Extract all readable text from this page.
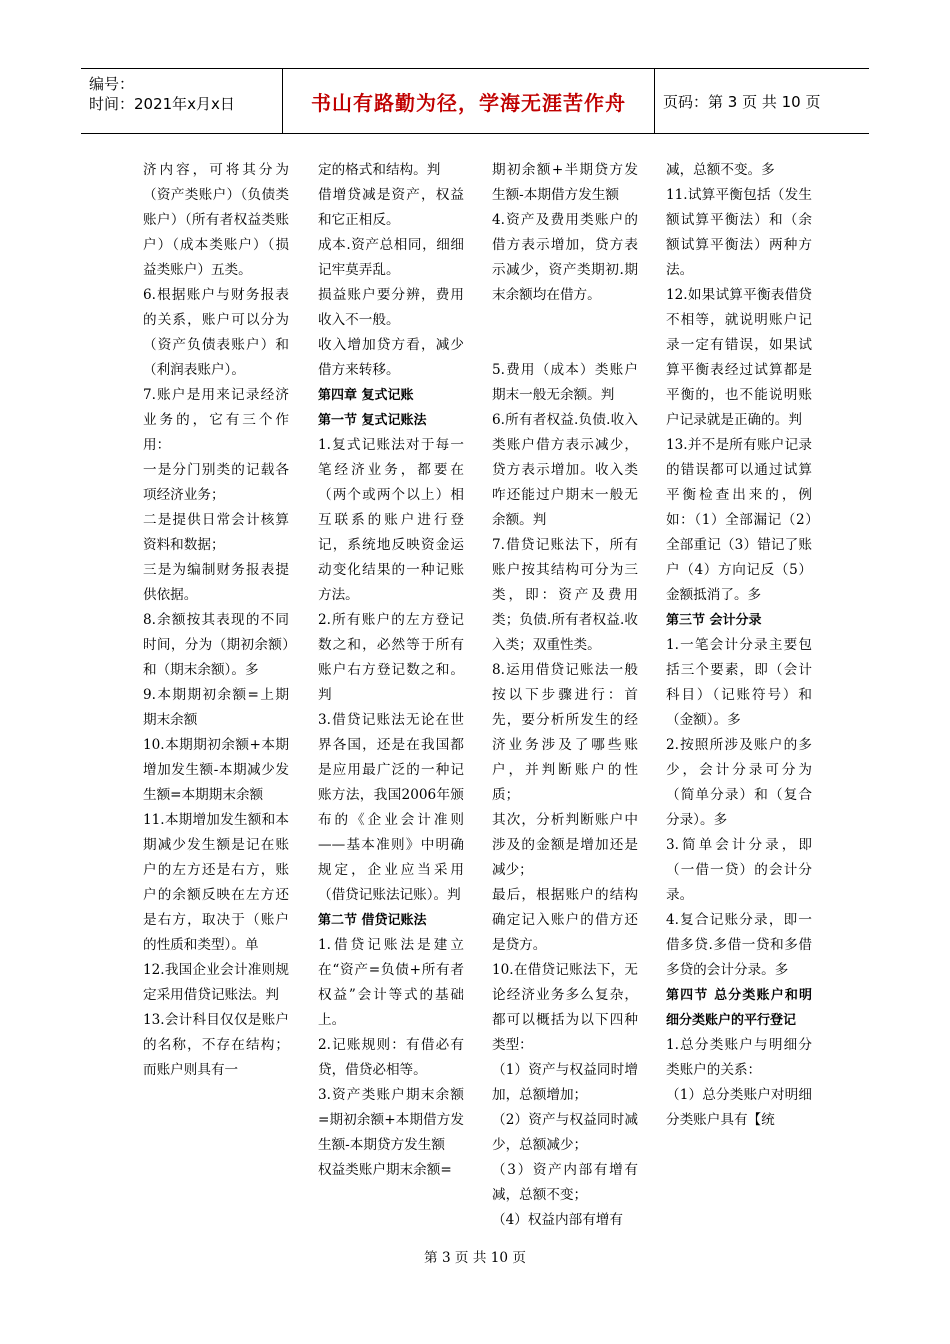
编号：
时间：2021年x月x日	书山有路勤为径，学海无涯苦作舟 页码：第 3 页 共 10 页

济内容，可将其分为（资产类账户）（负债类账户）（所有者权益类账户）（成本类账户）（损益类账户）五类。

6.根据账户与财务报表的关系，账户可以分为（资产负债表账户）和（利润表账户）。

7.账户是用来记录经济业务的，它有三个作用：

一是分门别类的记载各项经济业务；

二是提供日常会计核算资料和数据；

三是为编制财务报表提供依据。

8.余额按其表现的不同时间，分为（期初余额）和（期末余额）。多

9.本期期初余额=上期期末余额

10.本期期初余额+本期增加发生额-本期减少发生额=本期期末余额

11.本期增加发生额和本期减少发生额是记在账户的左方还是右方，账户的余额反映在左方还是右方，取决于（账户的性质和类型）。单

12.我国企业会计准则规定采用借贷记账法。判

13.会计科目仅仅是账户的名称，不存在结构；而账户则具有一

定的格式和结构。判

借增贷减是资产，权益和它正相反。

成本.资产总相同，细细记牢莫弄乱。

损益账户要分辨，费用收入不一般。

收入增加贷方看，减少借方来转移。

第四章 复式记账

第一节 复式记账法

1.复式记账法对于每一笔经济业务，都要在（两个或两个以上）相互联系的账户进行登记，系统地反映资金运动变化结果的一种记账方法。

2.所有账户的左方登记数之和，必然等于所有账户右方登记数之和。判

3.借贷记账法无论在世界各国，还是在我国都是应用最广泛的一种记账方法，我国2006年颁布的《企业会计准则——基本准则》中明确规定，企业应当采用（借贷记账法记账）。判

第二节 借贷记账法

1.借贷记账法是建立在“资产=负债+所有者权益”会计等式的基础上。

2.记账规则：有借必有贷，借贷必相等。

3.资产类账户期末余额=期初余额+本期借方发生额-本期贷方发生额

权益类账户期末余额=

期初余额+半期贷方发生额-本期借方发生额

4.资产及费用类账户的借方表示增加，贷方表示减少，资产类期初.期末余额均在借方。

5.费用（成本）类账户期末一般无余额。判

6.所有者权益.负债.收入类账户借方表示减少，贷方表示增加。收入类咋还能过户期末一般无余额。判

7.借贷记账法下，所有账户按其结构可分为三类，即：资产及费用类；负债.所有者权益.收入类；双重性类。

8.运用借贷记账法一般按以下步骤进行：首先，要分析所发生的经济业务涉及了哪些账户，并判断账户的性质；

其次，分析判断账户中涉及的金额是增加还是减少；

最后，根据账户的结构确定记入账户的借方还是贷方。

10.在借贷记账法下，无论经济业务多么复杂，都可以概括为以下四种类型：

（1）资产与权益同时增加，总额增加；

（2）资产与权益同时减少，总额减少；

（3）资产内部有增有减，总额不变；

（4）权益内部有增有

减，总额不变。多

11.试算平衡包括（发生额试算平衡法）和（余额试算平衡法）两种方法。

12.如果试算平衡表借贷不相等，就说明账户记录一定有错误，如果试算平衡表经过试算都是平衡的，也不能说明账户记录就是正确的。判

13.并不是所有账户记录的错误都可以通过试算平衡检查出来的，例如：（1）全部漏记（2）全部重记（3）错记了账户（4）方向记反（5）金额抵消了。多

第三节 会计分录

1.一笔会计分录主要包括三个要素，即（会计科目）（记账符号）和（金额）。多

2.按照所涉及账户的多少，会计分录可分为（简单分录）和（复合分录）。多

3.简单会计分录，即（一借一贷）的会计分录。

4.复合记账分录，即一借多贷.多借一贷和多借多贷的会计分录。多

第四节 总分类账户和明细分类账户的平行登记

1.总分类账户与明细分类账户的关系：

（1）总分类账户对明细分类账户具有【统

第 3 页 共 10 页
